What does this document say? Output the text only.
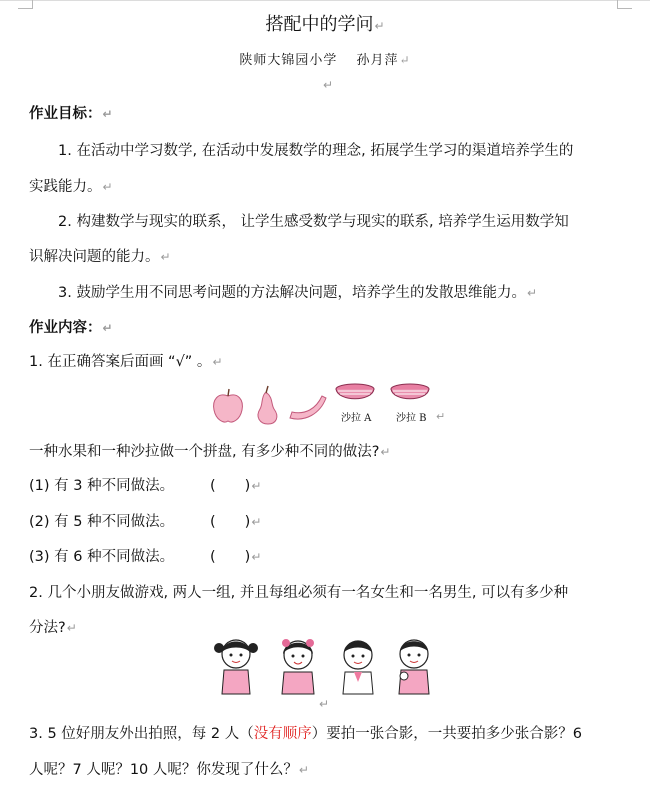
搭配中的学问↵
陕师大锦园小学　 孙月萍↵
↵
作业目标：↵
1. 在活动中学习数学, 在活动中发展数学的理念, 拓展学生学习的渠道培养学生的
实践能力。↵
2. 构建数学与现实的联系， 让学生感受数学与现实的联系, 培养学生运用数学知
识解决问题的能力。↵
3. 鼓励学生用不同思考问题的方法解决问题，培养学生的发散思维能力。↵
作业内容：↵
1. 在正确答案后面画 “√” 。↵
沙拉 A 沙拉 B ↵
一种水果和一种沙拉做一个拼盘, 有多少种不同的做法?↵
(1) 有 3 种不同做法。 (　　)↵
(2) 有 5 种不同做法。 (　　)↵
(3) 有 6 种不同做法。 (　　)↵
2. 几个小朋友做游戏, 两人一组, 并且每组必须有一名女生和一名男生, 可以有多少种
分法?↵
↵
3. 5 位好朋友外出拍照，每 2 人（没有顺序）要拍一张合影，一共要拍多少张合影？6
人呢？7 人呢？10 人呢？你发现了什么？↵
